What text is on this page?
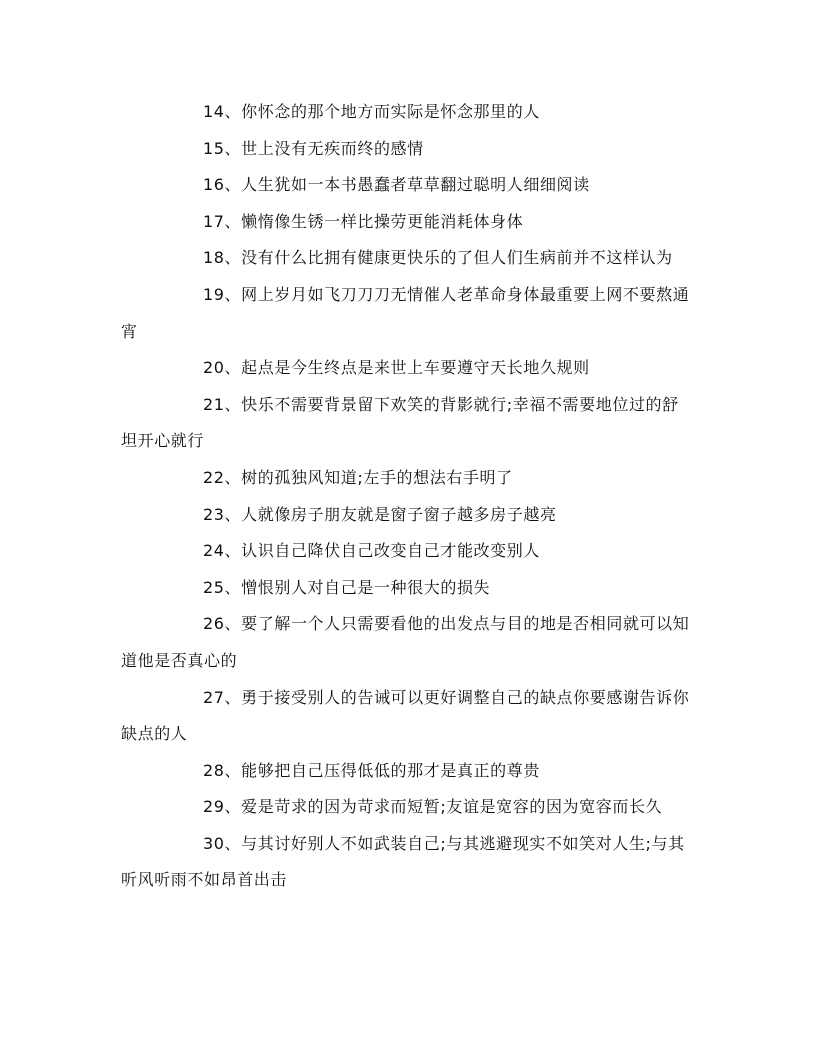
14、你怀念的那个地方而实际是怀念那里的人

15、世上没有无疾而终的感情

16、人生犹如一本书愚蠢者草草翻过聪明人细细阅读

17、懒惰像生锈一样比操劳更能消耗体身体

18、没有什么比拥有健康更快乐的了但人们生病前并不这样认为

19、网上岁月如飞刀刀刀无情催人老革命身体最重要上网不要熬通宵

20、起点是今生终点是来世上车要遵守天长地久规则

21、快乐不需要背景留下欢笑的背影就行;幸福不需要地位过的舒坦开心就行

22、树的孤独风知道;左手的想法右手明了

23、人就像房子朋友就是窗子窗子越多房子越亮

24、认识自己降伏自己改变自己才能改变别人

25、憎恨别人对自己是一种很大的损失

26、要了解一个人只需要看他的出发点与目的地是否相同就可以知道他是否真心的

27、勇于接受别人的告诫可以更好调整自己的缺点你要感谢告诉你缺点的人

28、能够把自己压得低低的那才是真正的尊贵

29、爱是苛求的因为苛求而短暂;友谊是宽容的因为宽容而长久

30、与其讨好别人不如武装自己;与其逃避现实不如笑对人生;与其听风听雨不如昂首出击
